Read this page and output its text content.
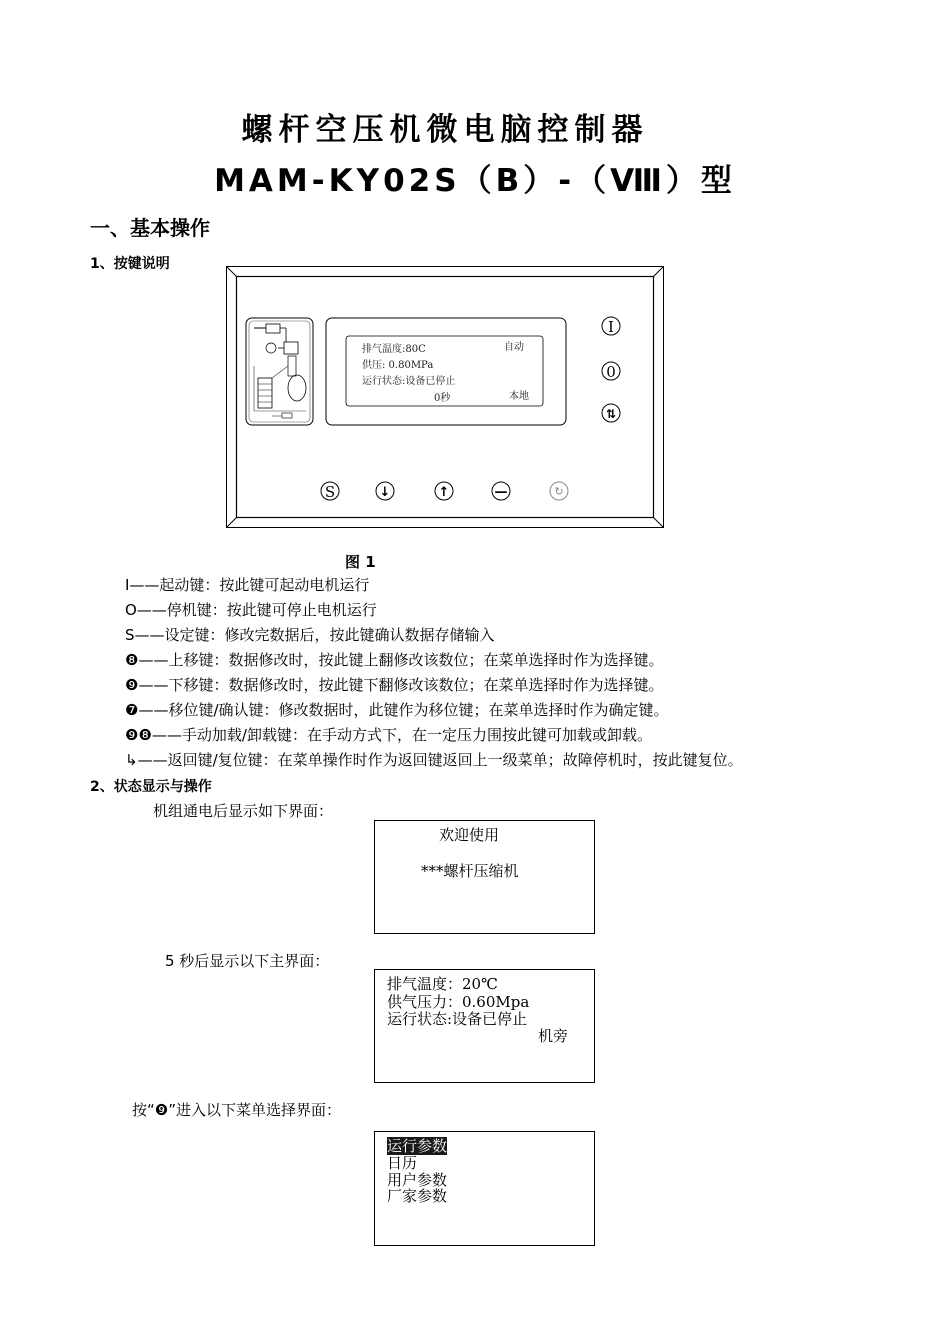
螺杆空压机微电脑控制器
MAM-KY02S（B）-（Ⅷ）型
一、基本操作
1、按键说明
I
0
⇅
S	↓	↑	—	↻
排气温度:80C	自动
供压: 0.80MPa
运行状态:设备已停止
0秒	本地
图 1
I——起动键：按此键可起动电机运行
O——停机键：按此键可停止电机运行
S——设定键：修改完数据后，按此键确认数据存储输入
❽——上移键：数据修改时，按此键上翻修改该数位；在菜单选择时作为选择键。
❾——下移键：数据修改时，按此键下翻修改该数位；在菜单选择时作为选择键。
❼——移位键/确认键：修改数据时，此键作为移位键；在菜单选择时作为确定键。
❾❽——手动加载/卸载键：在手动方式下，在一定压力围按此键可加载或卸载。
↳——返回键/复位键：在菜单操作时作为返回键返回上一级菜单；故障停机时，按此键复位。
2、状态显示与操作
机组通电后显示如下界面：
欢迎使用
***螺杆压缩机
5 秒后显示以下主界面：
排气温度：20℃
供气压力：0.60Mpa
运行状态:设备已停止
机旁
按“❾”进入以下菜单选择界面：
运行参数
日历
用户参数
厂家参数
